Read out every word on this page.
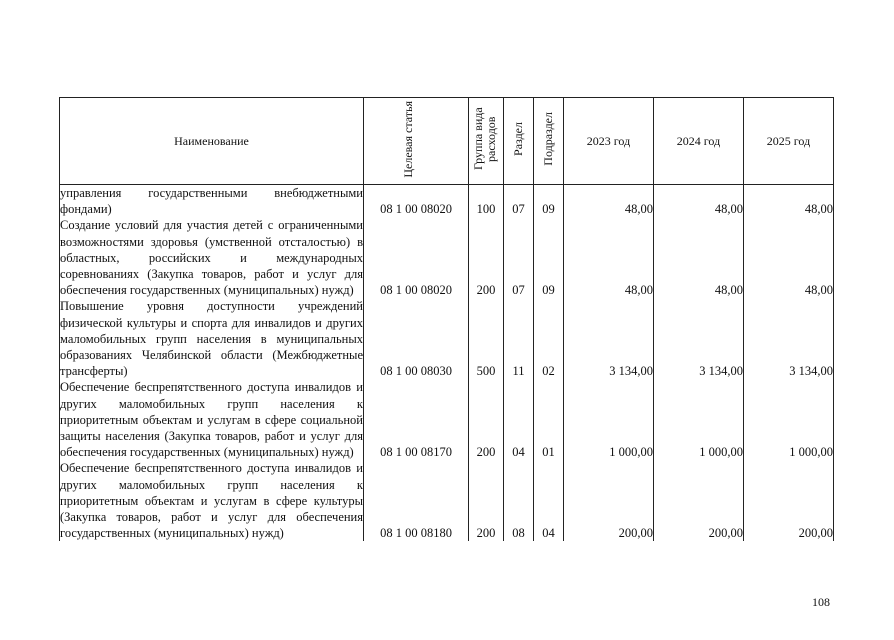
Наименование	Целевая статья	Группа вида расходов	Раздел	Подраздел	2023 год	2024 год	2025 год
управления государственными внебюджетными фондами)	08 1 00 08020	100	07	09	48,00	48,00	48,00
Создание условий для участия детей с ограниченными возможностями здоровья (умственной отсталостью) в областных, российских и международных соревнованиях (Закупка товаров, работ и услуг для обеспечения государственных (муниципальных) нужд)	08 1 00 08020	200	07	09	48,00	48,00	48,00
Повышение уровня доступности учреждений физической культуры и спорта для инвалидов и других маломобильных групп населения в муниципальных образованиях Челябинской области (Межбюджетные трансферты)	08 1 00 08030	500	11	02	3 134,00	3 134,00	3 134,00
Обеспечение беспрепятственного доступа инвалидов и других маломобильных групп населения к приоритетным объектам и услугам в сфере социальной защиты населения (Закупка товаров, работ и услуг для обеспечения государственных (муниципальных) нужд)	08 1 00 08170	200	04	01	1 000,00	1 000,00	1 000,00
Обеспечение беспрепятственного доступа инвалидов и других маломобильных групп населения к приоритетным объектам и услугам в сфере культуры (Закупка товаров, работ и услуг для обеспечения государственных (муниципальных) нужд)	08 1 00 08180	200	08	04	200,00	200,00	200,00
108
